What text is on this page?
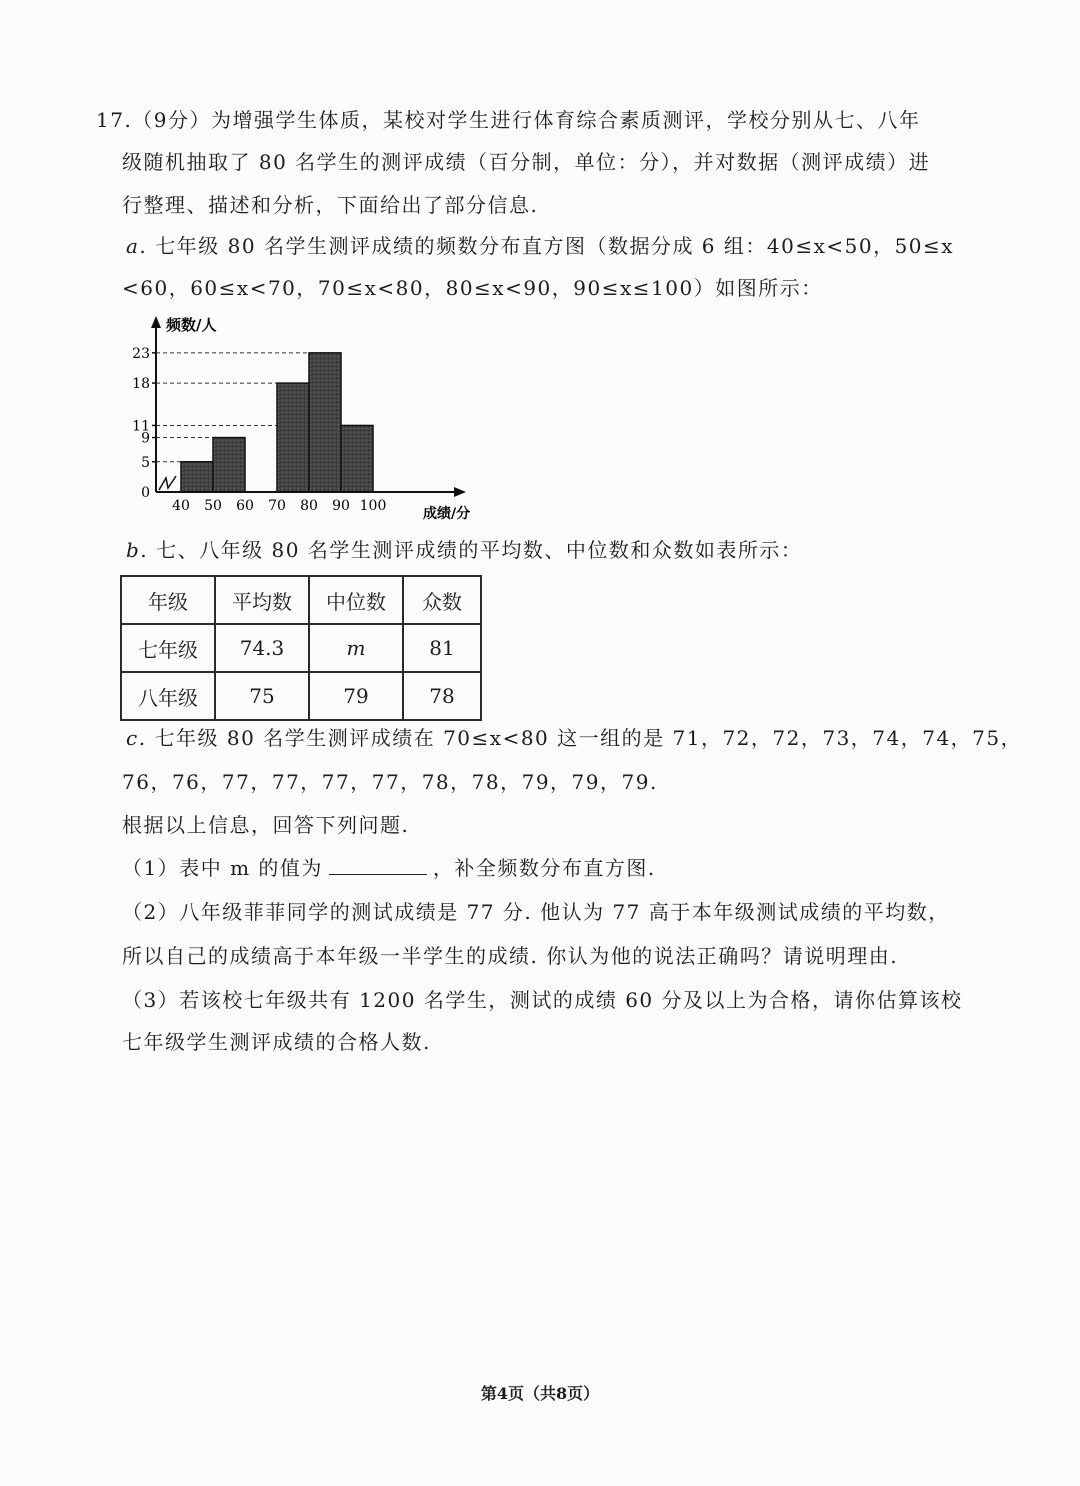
17.（9分）为增强学生体质，某校对学生进行体育综合素质测评，学校分别从七、八年
级随机抽取了 80 名学生的测评成绩（百分制，单位：分），并对数据（测评成绩）进
行整理、描述和分析，下面给出了部分信息.
a. 七年级 80 名学生测评成绩的频数分布直方图（数据分成 6 组：40≤x<50，50≤x
<60，60≤x<70，70≤x<80，80≤x<90，90≤x≤100）如图所示：
0
5
9
11
18
23
40 50 60 70 80 90 100
频数/人
成绩/分
b. 七、八年级 80 名学生测评成绩的平均数、中位数和众数如表所示：
年级	平均数	中位数	众数
七年级	74.3	m	81
八年级	75	79	78
c. 七年级 80 名学生测评成绩在 70≤x<80 这一组的是 71，72，72，73，74，74，75，
76，76，77，77，77，77，78，78，79，79，79.
根据以上信息，回答下列问题.
（1）表中 m 的值为	，补全频数分布直方图.
（2）八年级菲菲同学的测试成绩是 77 分. 他认为 77 高于本年级测试成绩的平均数，
所以自己的成绩高于本年级一半学生的成绩. 你认为他的说法正确吗？请说明理由.
（3）若该校七年级共有 1200 名学生，测试的成绩 60 分及以上为合格，请你估算该校
七年级学生测评成绩的合格人数.
第4页（共8页）
